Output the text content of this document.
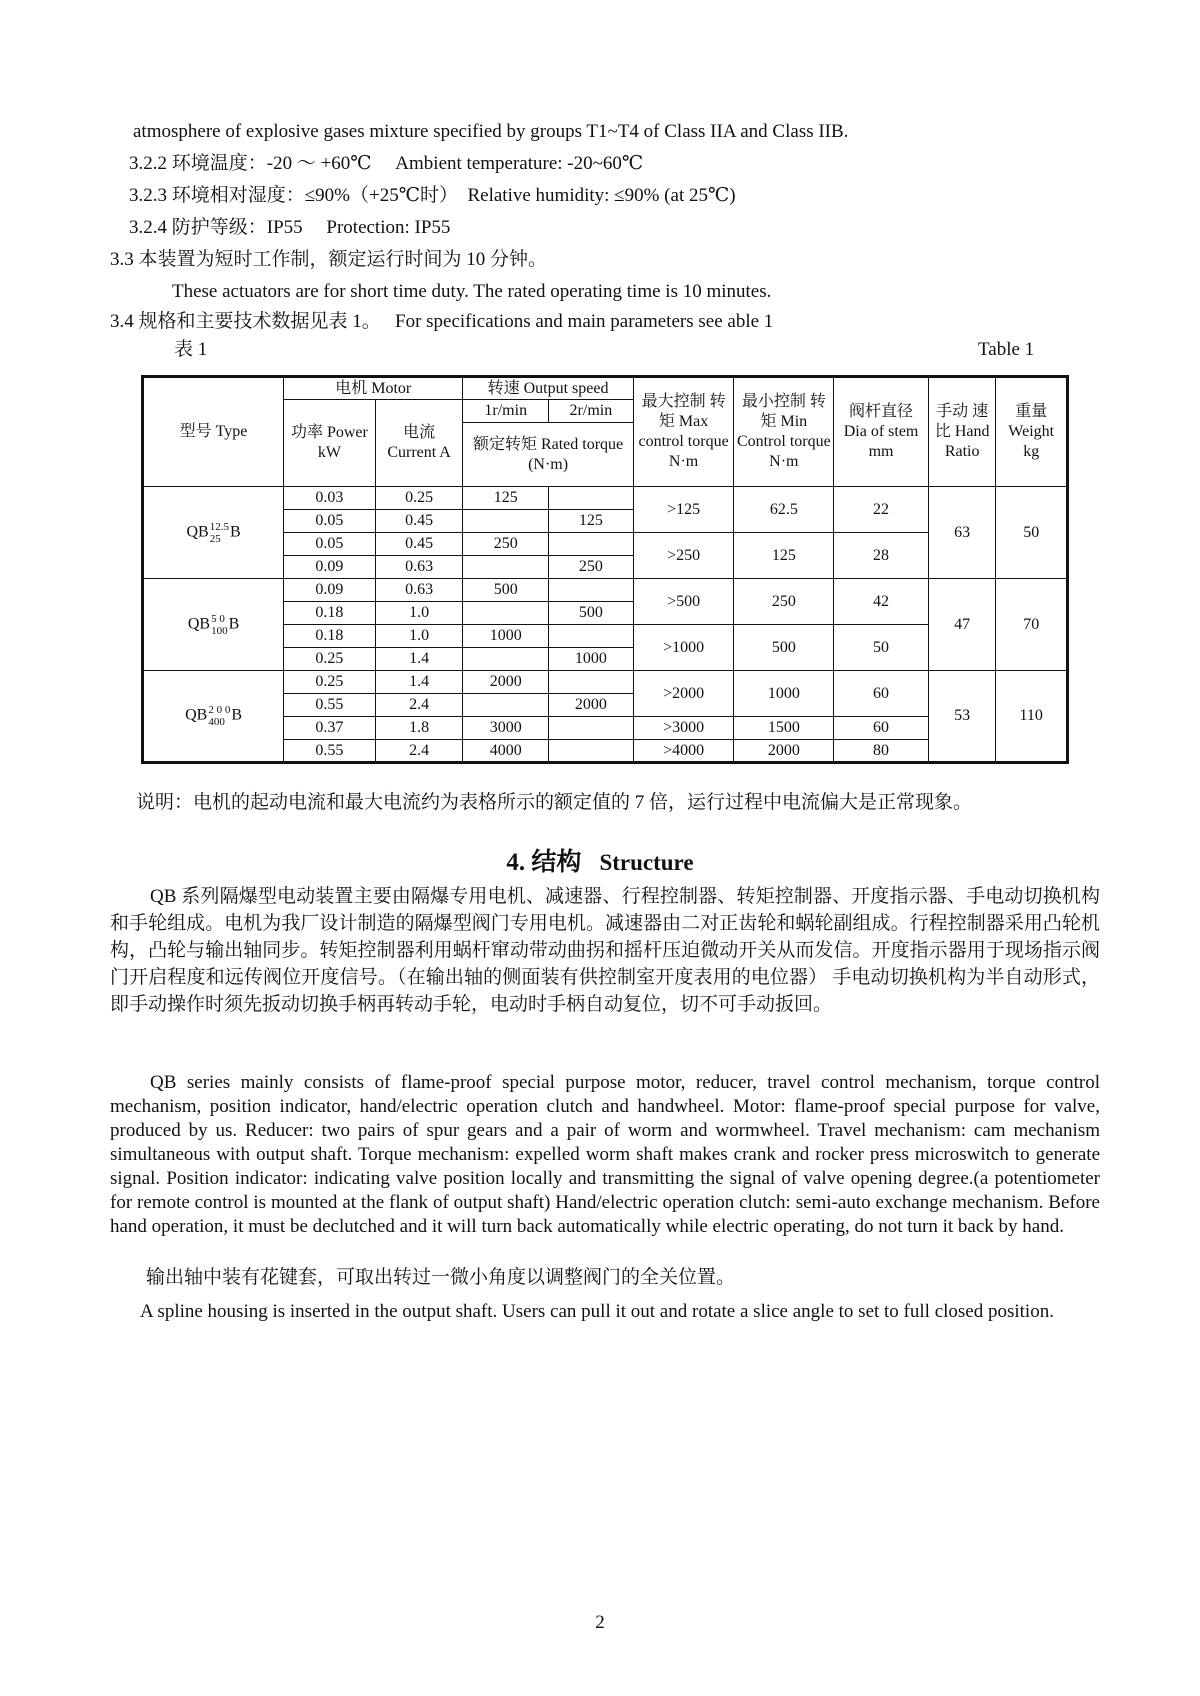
atmosphere of explosive gases mixture specified by groups T1~T4 of Class IIA and Class IIB.
3.2.2 环境温度：-20 ～ +60℃　 Ambient temperature: -20~60℃
3.2.3 环境相对湿度：≤90%（+25℃时）　Relative humidity: ≤90% (at 25℃)
3.2.4 防护等级：IP55　 Protection: IP55
3.3 本装置为短时工作制，额定运行时间为 10 分钟。
These actuators are for short time duty. The rated operating time is 10 minutes.
3.4 规格和主要技术数据见表 1。　 For specifications and main parameters see able 1
表 1	Table 1
型号 Type	电机 Motor		转速 Output speed		最大控制 转矩 Max control torque N·m	最小控制 转矩 Min Control torque N·m	阀杆直径 Dia of stem mm	手动 速比 Hand Ratio	重量 Weight kg
	功率 Power kW	电流 Current A	1r/min	2r/min					
			额定转矩 Rated torque (N·m)						
QB12.5
25 B	0.03	0.25	125		>125	62.5	22	63	50
	0.05	0.45		125					
	0.05	0.45	250		>250	125	28		
	0.09	0.63		250					
QB5 0
100B	0.09	0.63	500		>500	250	42	47	70
	0.18	1.0		500					
	0.18	1.0	1000		>1000	500	50		
	0.25	1.4		1000					
QB2 0 0
400 B	0.25	1.4	2000		>2000	1000	60	53	110
	0.55	2.4		2000					
	0.37	1.8	3000		>3000	1500	60		
	0.55	2.4	4000		>4000	2000	80		
说明：电机的起动电流和最大电流约为表格所示的额定值的 7 倍，运行过程中电流偏大是正常现象。
4. 结构 Structure
QB 系列隔爆型电动装置主要由隔爆专用电机、减速器、行程控制器、转矩控制器、开度指示器、手电动切换机构和手轮组成。电机为我厂设计制造的隔爆型阀门专用电机。减速器由二对正齿轮和蜗轮副组成。行程控制器采用凸轮机构，凸轮与输出轴同步。转矩控制器利用蜗杆窜动带动曲拐和摇杆压迫微动开关从而发信。开度指示器用于现场指示阀门开启程度和远传阀位开度信号。（在输出轴的侧面装有供控制室开度表用的电位器） 手电动切换机构为半自动形式，即手动操作时须先扳动切换手柄再转动手轮，电动时手柄自动复位，切不可手动扳回。
QB series mainly consists of flame-proof special purpose motor, reducer, travel control mechanism, torque control mechanism, position indicator, hand/electric operation clutch and handwheel. Motor: flame-proof special purpose for valve, produced by us. Reducer: two pairs of spur gears and a pair of worm and wormwheel. Travel mechanism: cam mechanism simultaneous with output shaft. Torque mechanism: expelled worm shaft makes crank and rocker press microswitch to generate signal. Position indicator: indicating valve position locally and transmitting the signal of valve opening degree.(a potentiometer for remote control is mounted at the flank of output shaft) Hand/electric operation clutch: semi-auto exchange mechanism. Before hand operation, it must be declutched and it will turn back automatically while electric operating, do not turn it back by hand.
输出轴中装有花键套，可取出转过一微小角度以调整阀门的全关位置。
A spline housing is inserted in the output shaft. Users can pull it out and rotate a slice angle to set to full closed position.
2
